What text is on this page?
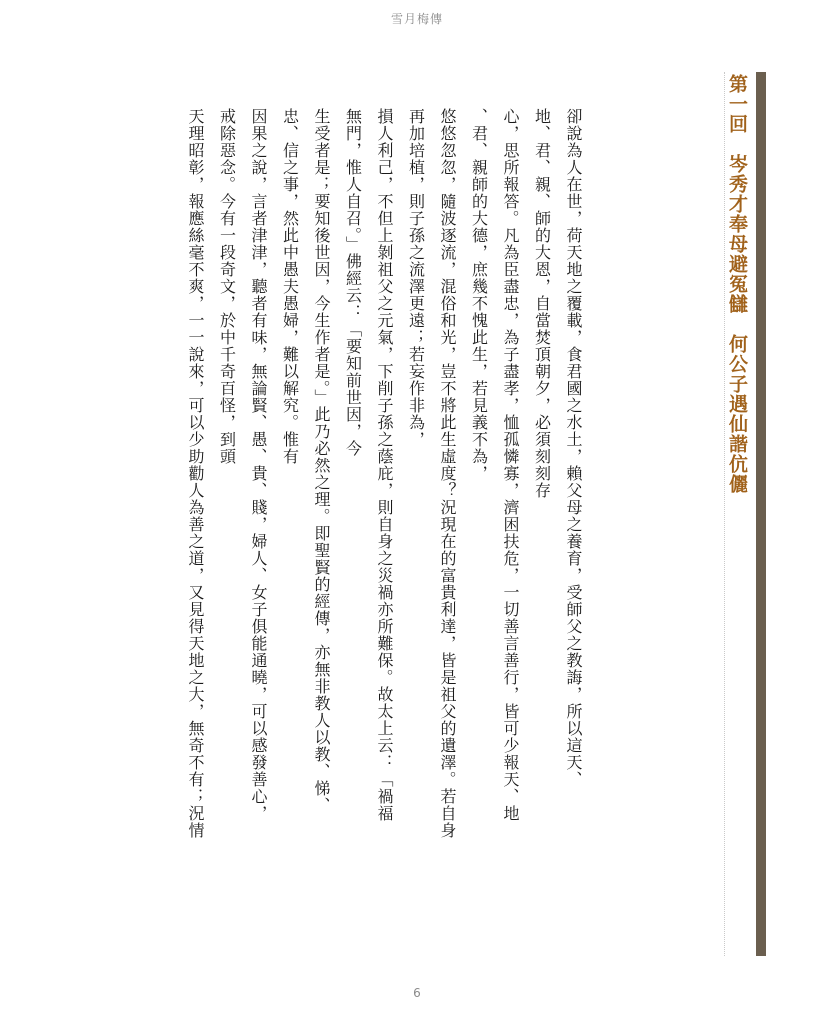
雪月梅傳
第一回　岑秀才奉母避冤讎　何公子遇仙諧伉儷
卻說為人在世，荷天地之覆載，食君國之水土，賴父母之養育，受師父之教誨，所以這天、
地、君、親、師的大恩，自當焚頂朝夕，必須刻刻存
心，思所報答。凡為臣盡忠，為子盡孝，恤孤憐寡，濟困扶危，一切善言善行，皆可少報天、地
、君、親師的大德，庶幾不愧此生，若見義不為，
悠悠忽忽，隨波逐流，混俗和光，豈不將此生虛度？況現在的富貴利達，皆是祖父的遺澤。若自身
再加培植，則子孫之流澤更遠；若妄作非為，
損人利己，不但上剝祖父之元氣，下削子孫之蔭庇，則自身之災禍亦所難保。故太上云：「禍福
無門，惟人自召。」佛經云：「要知前世因，今
生受者是；要知後世因，今生作者是。」此乃必然之理。即聖賢的經傳，亦無非教人以教、悌、
忠、信之事，然此中愚夫愚婦，難以解究。惟有
因果之說，言者津津，聽者有味，無論賢、愚、貴、賤，婦人、女子俱能通曉，可以感發善心，
戒除惡念。今有一段奇文，於中千奇百怪，到頭
天理昭彰，報應絲毫不爽，一一說來，可以少助勸人為善之道，又見得天地之大，無奇不有；況情
6
